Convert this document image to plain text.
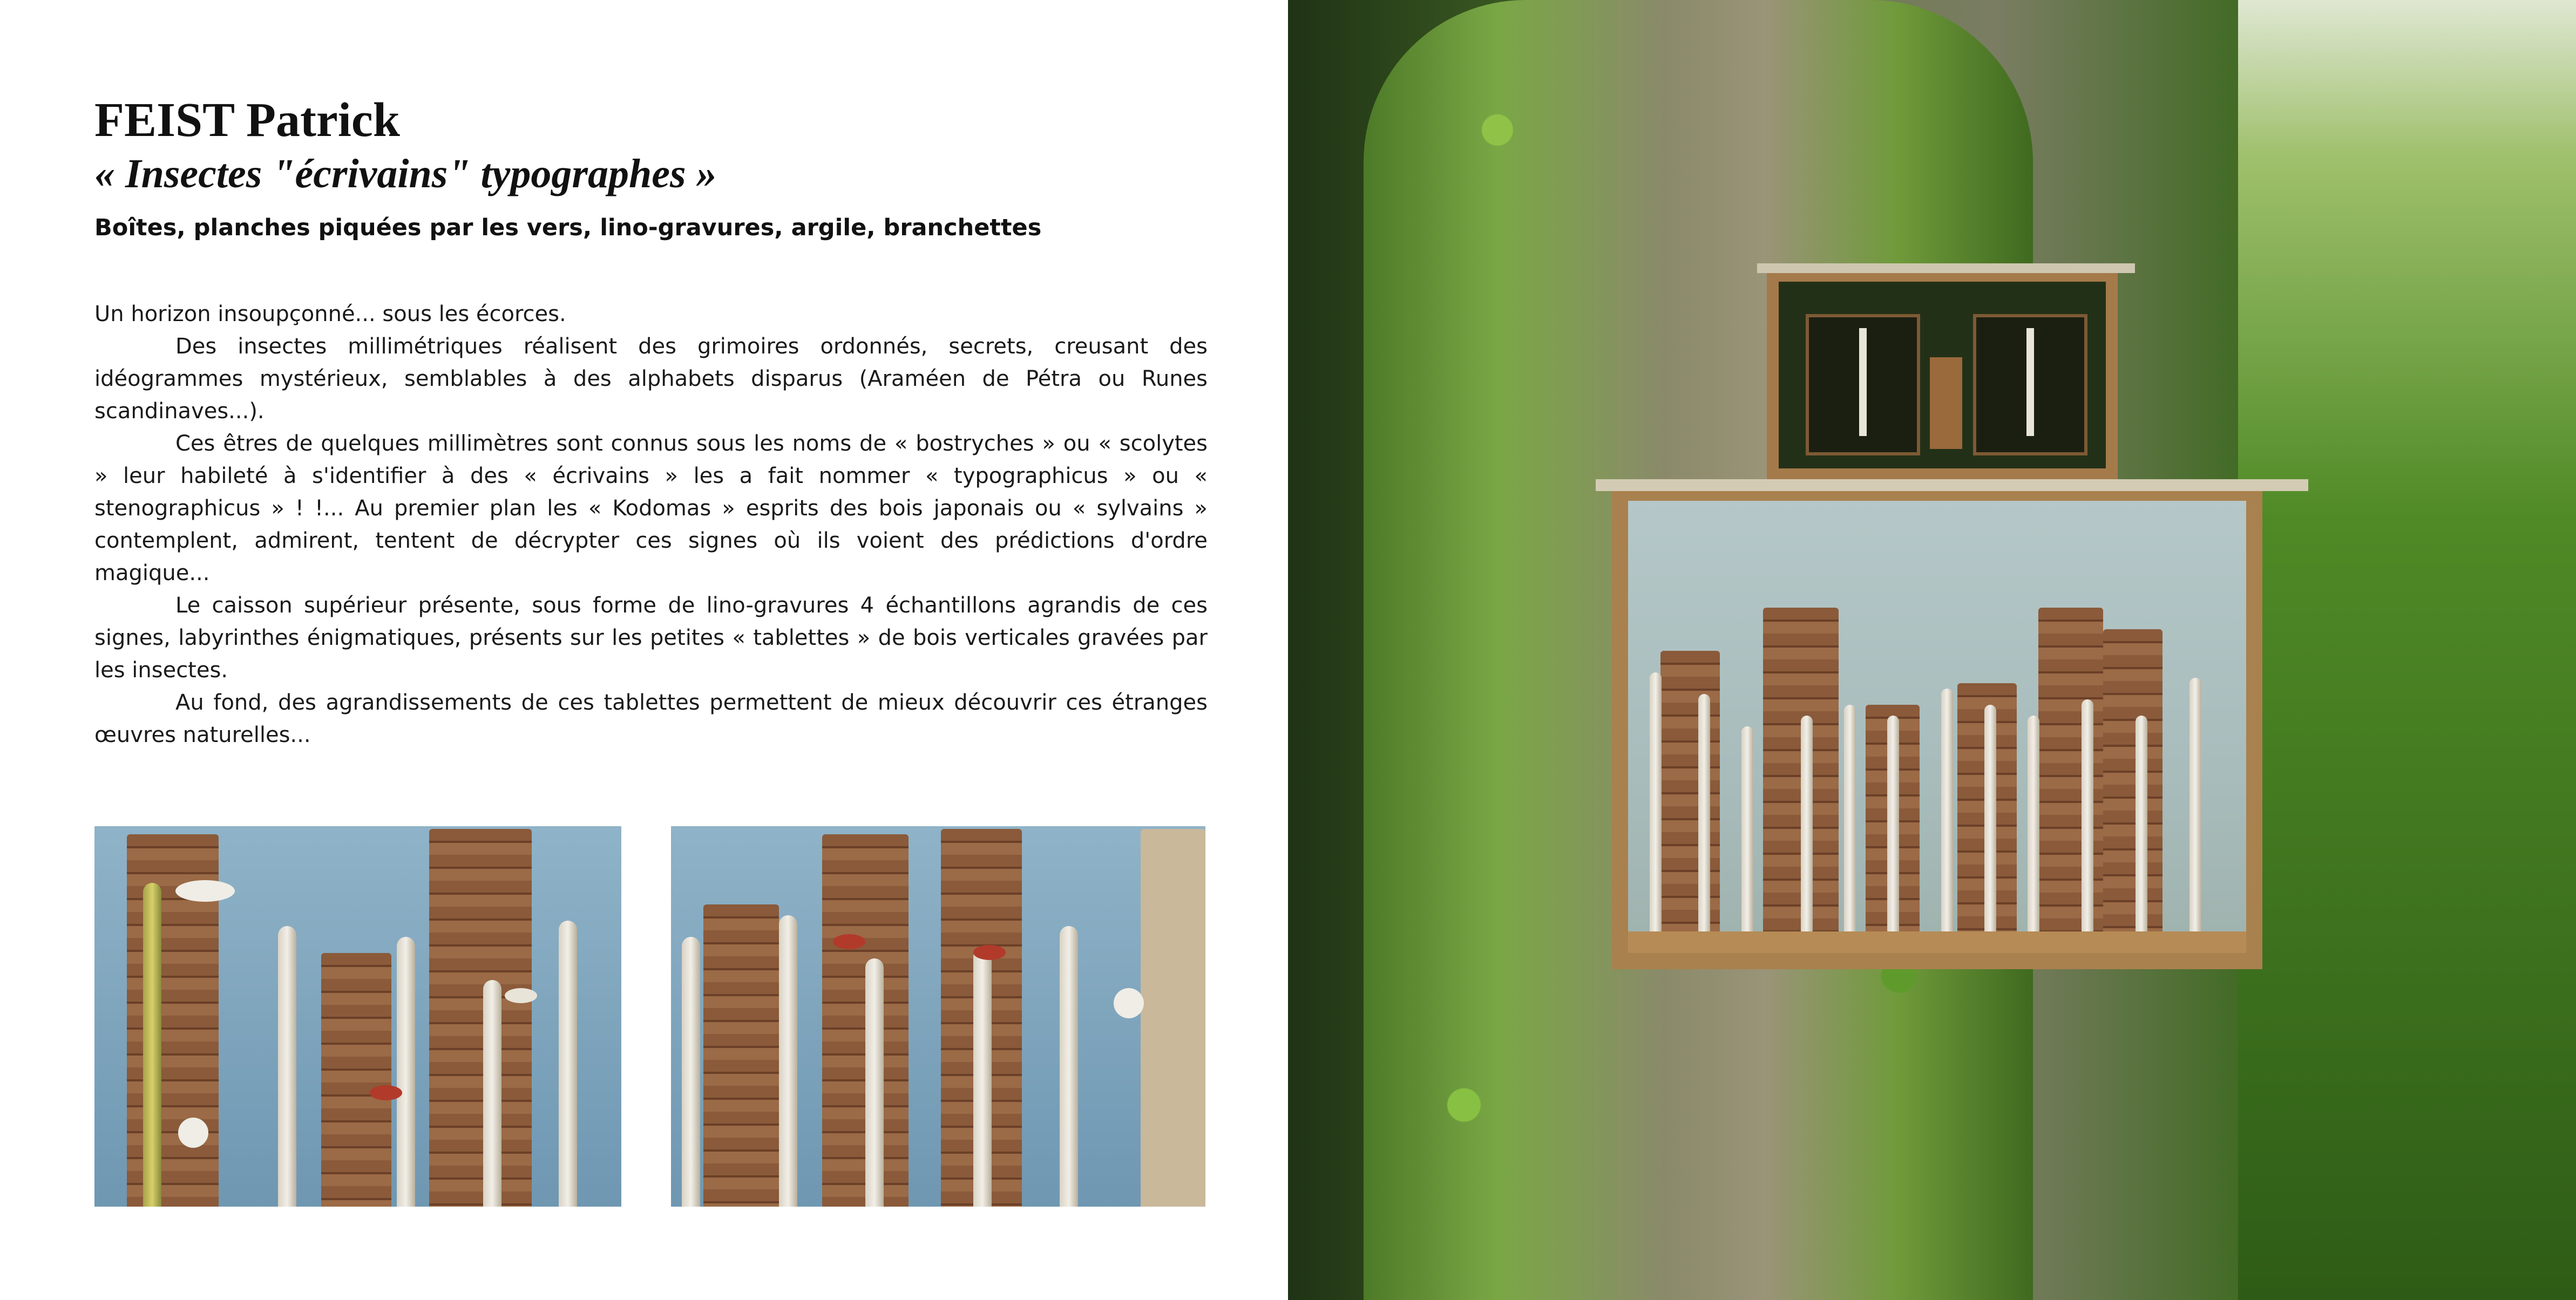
FEIST Patrick
« Insectes "écrivains" typographes »
Boîtes, planches piquées par les vers, lino-gravures, argile, branchettes

Un horizon insoupçonné... sous les écorces.

Des insectes millimétriques réalisent des grimoires ordonnés, secrets, creusant des idéogrammes mystérieux, semblables à des alphabets disparus (Araméen de Pétra ou Runes scandinaves...).

Ces êtres de quelques millimètres sont connus sous les noms de « bostryches » ou « scolytes » leur habileté à s'identifier à des « écrivains » les a fait nommer « typographicus » ou « stenographicus » ! !... Au premier plan les « Kodomas » esprits des bois japonais ou « sylvains » contemplent, admirent, tentent de décrypter ces signes où ils voient des prédictions d'ordre magique...

Le caisson supérieur présente, sous forme de lino-gravures 4 échantillons agrandis de ces signes, labyrinthes énigmatiques, présents sur les petites « tablettes » de bois verticales gravées par les insectes.

Au fond, des agrandissements de ces tablettes permettent de mieux découvrir ces étranges œuvres naturelles...
